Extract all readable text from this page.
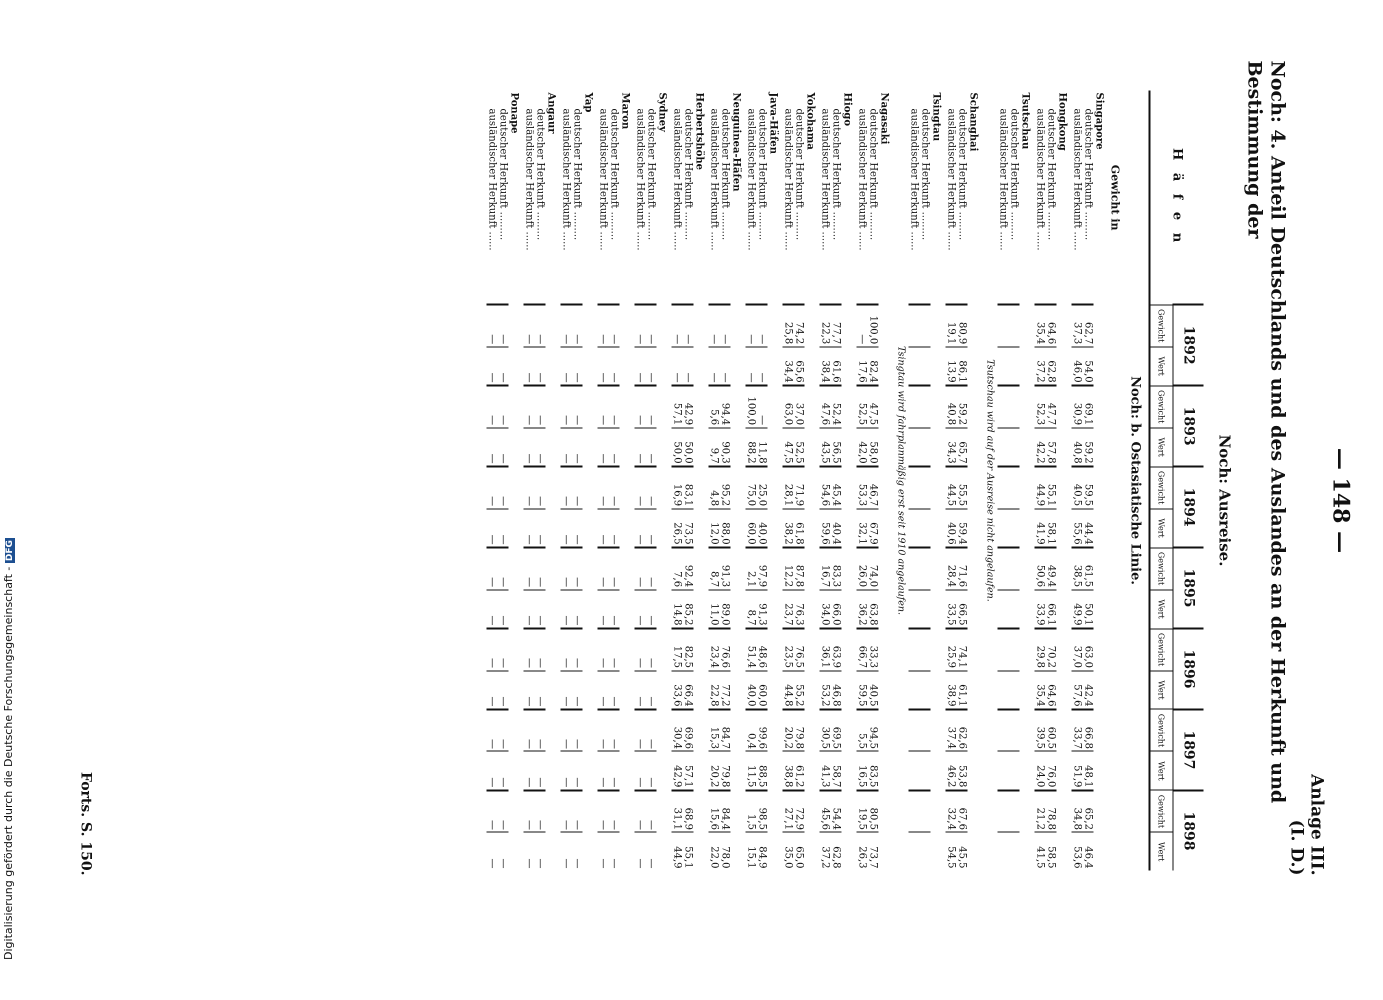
— 148 —
Anlage III.
(I. D.)
Noch: 4. Anteil Deutschlands und des Auslandes an der Herkunft und Bestimmung der
Noch: Ausreise.
H ä f e n	1892		1893		1894		1895		1896		1897		1898	
	Gewicht	Wert	Gewicht	Wert	Gewicht	Wert	Gewicht	Wert	Gewicht	Wert	Gewicht	Wert	Gewicht	Wert
Noch: b. Ostasiatische Linie.														
Gewicht in														
Singapore														
deutscher Herkunft .........	62,7	54,0	69,1	59,2	59,5	44,4	61,5	50,1	63,0	42,4	66,8	48,1	65,2	46,4
ausländischer Herkunft ......	37,3	46,0	30,9	40,8	40,5	55,6	38,5	49,9	37,0	57,6	33,7	51,9	34,8	53,6
Hongkong														
deutscher Herkunft .........	64,6	62,8	47,7	57,8	55,1	58,1	49,4	66,1	70,2	64,6	60,5	76,0	78,8	58,5
ausländischer Herkunft ......	35,4	37,2	52,3	42,2	44,9	41,9	50,6	33,9	29,8	35,4	39,5	24,0	21,2	41,5
Tsutschau														
deutscher Herkunft .........														
ausländischer Herkunft ......														
Tsutschau wird auf der Ausreise nicht angelaufen.														
Schanghai														
deutscher Herkunft .........	80,9	86,1	59,2	65,7	55,5	59,4	71,6	66,5	74,1	61,1	62,6	53,8	67,6	45,5
ausländischer Herkunft ......	19,1	13,9	40,8	34,3	44,5	40,6	28,4	33,5	25,9	38,9	37,4	46,2	32,4	54,5
Tsingtau														
deutscher Herkunft .........														
ausländischer Herkunft ......														
Tsingtau wird fahrplanmäßig erst seit 1910 angelaufen.														
Nagasaki														
deutscher Herkunft .........	100,0	82,4	47,5	58,0	46,7	67,9	74,0	63,8	33,3	40,5	94,5	83,5	80,5	73,7
ausländischer Herkunft ......	—	17,6	52,5	42,0	53,3	32,1	26,0	36,2	66,7	59,5	5,5	16,5	19,5	26,3
Hiogo														
deutscher Herkunft .........	77,7	61,6	52,4	56,5	45,4	40,4	83,3	66,0	63,9	46,8	69,5	58,7	54,4	62,8
ausländischer Herkunft ......	22,3	38,4	47,6	43,5	54,6	59,6	16,7	34,0	36,1	53,2	30,5	41,3	45,6	37,2
Yokohama														
deutscher Herkunft .........	74,2	65,6	37,0	52,5	71,9	61,8	87,8	76,3	76,5	55,2	79,8	61,2	72,9	65,0
ausländischer Herkunft ......	25,8	34,4	63,0	47,5	28,1	38,2	12,2	23,7	23,5	44,8	20,2	38,8	27,1	35,0
Java-Häfen														
deutscher Herkunft .........	—	—	—	11,8	25,0	40,0	97,9	91,3	48,6	60,0	99,6	88,5	98,5	84,9
ausländischer Herkunft ......	—	—	100,0	88,2	75,0	60,0	2,1	8,7	51,4	40,0	0,4	11,5	1,5	15,1
Neuguinea-Häfen														
deutscher Herkunft .........	—	—	94,4	90,3	95,2	88,0	91,3	89,0	76,6	77,2	84,7	79,8	84,4	78,0
ausländischer Herkunft ......	—	—	5,6	9,7	4,8	12,0	8,7	11,0	23,4	22,8	15,3	20,2	15,6	22,0
Herbertshöhe														
deutscher Herkunft .........	—	—	42,9	50,0	83,1	73,5	92,4	85,2	82,5	66,4	69,6	57,1	68,9	55,1
ausländischer Herkunft ......	—	—	57,1	50,0	16,9	26,5	7,6	14,8	17,5	33,6	30,4	42,9	31,1	44,9
Sydney														
deutscher Herkunft .........	—	—	—	—	—	—	—	—	—	—	—	—	—	—
ausländischer Herkunft ......	—	—	—	—	—	—	—	—	—	—	—	—	—	—
Maron														
deutscher Herkunft .........	—	—	—	—	—	—	—	—	—	—	—	—	—	—
ausländischer Herkunft ......	—	—	—	—	—	—	—	—	—	—	—	—	—	—
Yap														
deutscher Herkunft .........	—	—	—	—	—	—	—	—	—	—	—	—	—	—
ausländischer Herkunft ......	—	—	—	—	—	—	—	—	—	—	—	—	—	—
Angaur														
deutscher Herkunft .........	—	—	—	—	—	—	—	—	—	—	—	—	—	—
ausländischer Herkunft ......	—	—	—	—	—	—	—	—	—	—	—	—	—	—
Ponape														
deutscher Herkunft .........	—	—	—	—	—	—	—	—	—	—	—	—	—	—
ausländischer Herkunft ......	—	—	—	—	—	—	—	—	—	—	—	—	—	—
Forts. S. 150.
Digitalisierung gefördert durch die Deutsche Forschungsgemeinschaft - DFG
